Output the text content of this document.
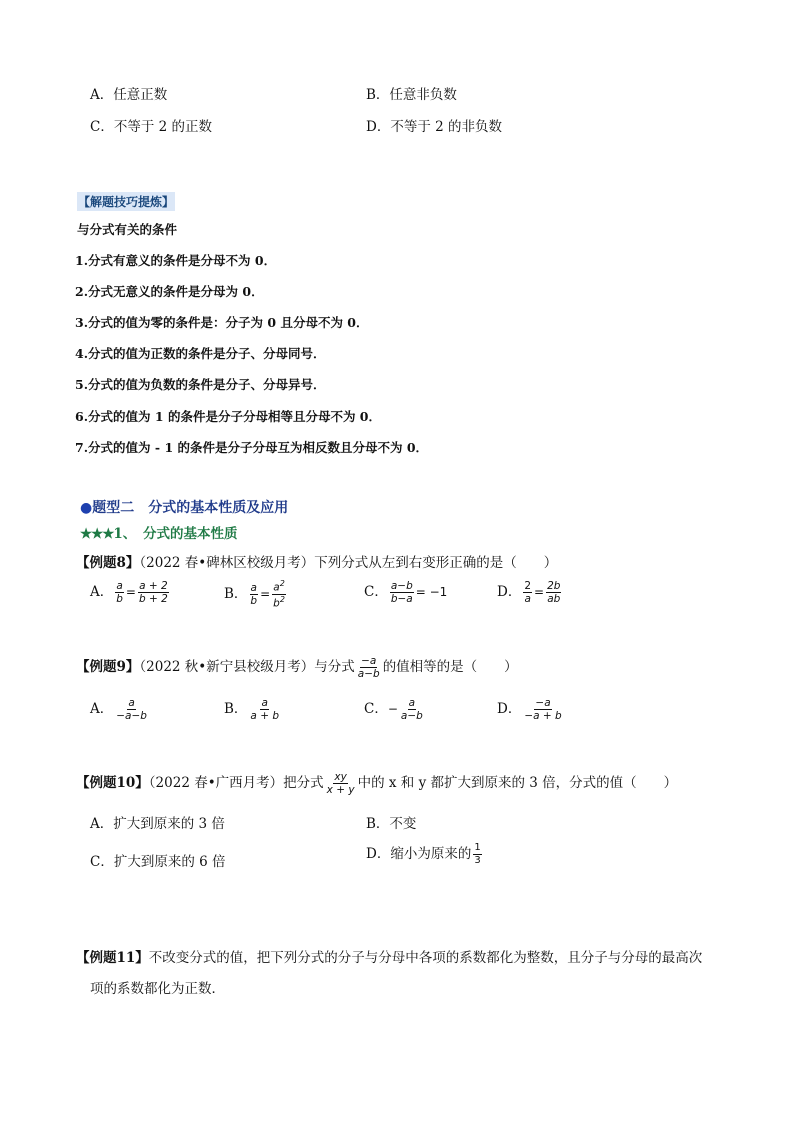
A．任意正数	B．任意非负数
C．不等于 2 的正数	D．不等于 2 的非负数
【解题技巧提炼】
与分式有关的条件
1.分式有意义的条件是分母不为 0．
2.分式无意义的条件是分母为 0．
3.分式的值为零的条件是：分子为 0 且分母不为 0．
4.分式的值为正数的条件是分子、分母同号．
5.分式的值为负数的条件是分子、分母异号．
6.分式的值为 1 的条件是分子分母相等且分母不为 0．
7.分式的值为 - 1 的条件是分子分母互为相反数且分母不为 0．
●题型二　分式的基本性质及应用
★★★1、　分式的基本性质
【例题8】（2022 春•碑林区校级月考）下列分式从左到右变形正确的是（　　）
A． $\frac{a}{b} = \frac{a + 2}{b + 2}$	B． $\frac{a}{b} = \frac{a^2}{b^2}$	C． $\frac{a-b}{b-a} = -1$	D． $\frac{2}{a} = \frac{2b}{ab}$
【例题9】（2022 秋•新宁县校级月考）与分式 $\frac{-a}{a-b}$ 的值相等的是（　　）
A． $\frac{a}{-a-b}$	B． $\frac{a}{a + b}$	C．− $\frac{a}{a-b}$	D． $\frac{-a}{-a + b}$
【例题10】（2022 春•广西月考）把分式 $\frac{xy}{x + y}$ 中的 x 和 y 都扩大到原来的 3 倍，分式的值（　　）
A．扩大到原来的 3 倍	B．不变
C．扩大到原来的 6 倍	D．缩小为原来的 $\frac{1}{3}$
【例题11】不改变分式的值，把下列分式的分子与分母中各项的系数都化为整数，且分子与分母的最高次
项的系数都化为正数．
